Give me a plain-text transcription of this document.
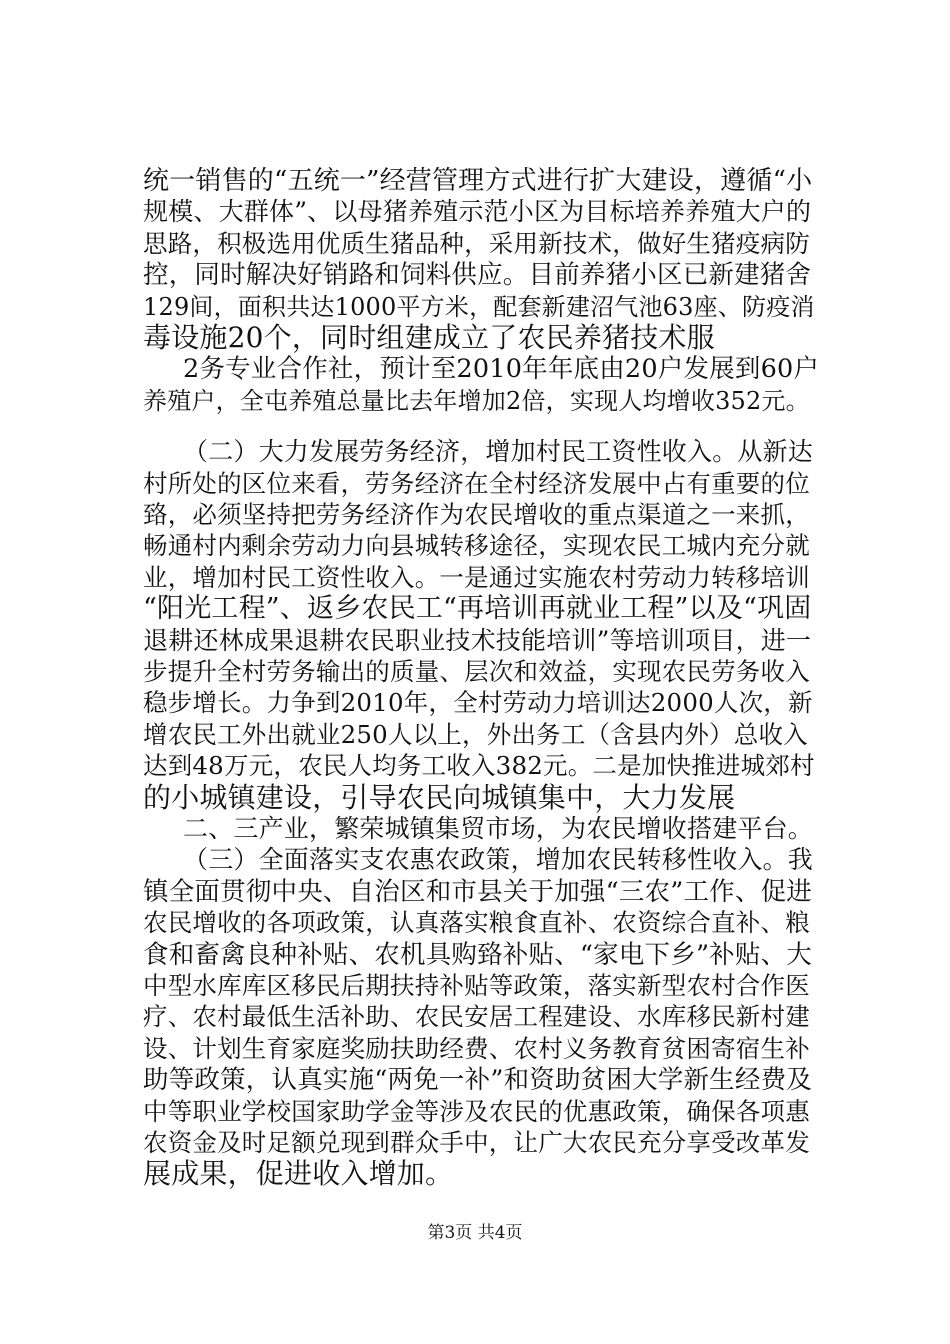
统一销售的“五统一”经营管理方式进行扩大建设，遵循“小
规模、大群体”、以母猪养殖示范小区为目标培养养殖大户的
思路，积极选用优质生猪品种，采用新技术，做好生猪疫病防
控，同时解决好销路和饲料供应。目前养猪小区已新建猪舍
129间，面积共达1000平方米，配套新建沼气池63座、防疫消
毒设施20个，同时组建成立了农民养猪技术服
2务专业合作社，预计至2010年年底由20户发展到60户
养殖户，全屯养殖总量比去年增加2倍，实现人均增收352元。
（二）大力发展劳务经济，增加村民工资性收入。从新达
村所处的区位来看，劳务经济在全村经济发展中占有重要的位
臵，必须坚持把劳务经济作为农民增收的重点渠道之一来抓，
畅通村内剩余劳动力向县城转移途径，实现农民工城内充分就
业，增加村民工资性收入。一是通过实施农村劳动力转移培训
“阳光工程”、返乡农民工“再培训再就业工程”以及“巩固
退耕还林成果退耕农民职业技术技能培训”等培训项目，进一
步提升全村劳务输出的质量、层次和效益，实现农民劳务收入
稳步增长。力争到2010年，全村劳动力培训达2000人次，新
增农民工外出就业250人以上，外出务工（含县内外）总收入
达到48万元，农民人均务工收入382元。二是加快推进城郊村
的小城镇建设，引导农民向城镇集中，大力发展
二、三产业，繁荣城镇集贸市场，为农民增收搭建平台。
（三）全面落实支农惠农政策，增加农民转移性收入。我
镇全面贯彻中央、自治区和市县关于加强“三农”工作、促进
农民增收的各项政策，认真落实粮食直补、农资综合直补、粮
食和畜禽良种补贴、农机具购臵补贴、“家电下乡”补贴、大
中型水库库区移民后期扶持补贴等政策，落实新型农村合作医
疗、农村最低生活补助、农民安居工程建设、水库移民新村建
设、计划生育家庭奖励扶助经费、农村义务教育贫困寄宿生补
第3页 共4页
助等政策，认真实施“两免一补”和资助贫困大学新生经费及
中等职业学校国家助学金等涉及农民的优惠政策，确保各项惠
农资金及时足额兑现到群众手中，让广大农民充分享受改革发
展成果，促进收入增加。
